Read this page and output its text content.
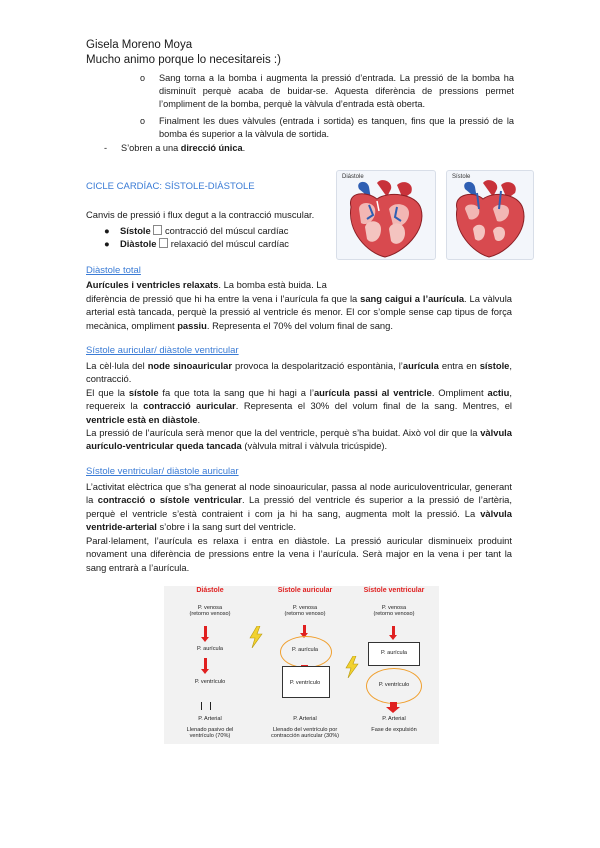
Gisela Moreno Moya
Mucho animo porque lo necesitareis :)
o Sang torna a la bomba i augmenta la pressió d’entrada. La pressió de la bomba ha disminuït perquè acaba de buidar-se. Aquesta diferència de pressions permet l’ompliment de la bomba, perquè la vàlvula d’entrada està oberta.
o Finalment les dues vàlvules (entrada i sortida) es tanquen, fins que la pressió de la bomba és superior a la vàlvula de sortida.
- S’obren a una direcció única.
CICLE CARDÍAC: SÍSTOLE-DIÀSTOLE
Canvis de pressió i flux degut a la contracció muscular.
● Sístole  contracció del múscul cardíac
● Diàstole  relaxació del múscul cardíac
Diástole	Sístole
Diàstole total
Aurícules i ventricles relaxats. La bomba està buida. La
diferència de pressió que hi ha entre la vena i l’aurícula fa que la sang caigui a l’aurícula. La vàlvula arterial està tancada, perquè la pressió al ventricle és menor. El cor s’omple sense cap tipus de força mecànica, ompliment passiu. Representa el 70% del volum final de sang.
Sístole auricular/ diàstole ventricular
La cèl·lula del node sinoauricular provoca la despolarització espontània, l’aurícula entra en sístole, contracció.
El que la sístole fa que tota la sang que hi hagi a l’aurícula passi al ventricle. Ompliment actiu, requereix la contracció auricular. Representa el 30% del volum final de la sang. Mentres, el ventricle està en diàstole.
La pressió de l’aurícula serà menor que la del ventricle, perquè s’ha buidat. Això vol dir que la vàlvula aurículo-ventricular queda tancada (vàlvula mitral i vàlvula tricúspide).
Sístole ventricular/ diàstole auricular
L’activitat elèctrica que s’ha generat al node sinoauricular, passa al node auriculoventricular, generant la contracció o sístole ventricular. La pressió del ventricle és superior a la pressió de l’artèria, perquè el ventricle s’està contraient i com ja hi ha sang, augmenta molt la pressió. La vàlvula ventride-arterial s’obre i la sang surt del ventricle.
Paral·lelament, l’aurícula es relaxa i entra en diàstole. La pressió auricular disminueix produint novament una diferència de pressions entre la vena i l’aurícula. Serà major en la vena i per tant la sang entrarà a l’aurícula.
Diástole
P. venosa
(retorno venoso)
P. aurícula
P. ventrículo
P. Arterial
Llenado pasivo del
ventrículo (70%)
Sístole auricular
P. venosa
(retorno venoso)
P. aurícula
P. ventrículo
P. Arterial
Llenado del ventrículo por
contracción auricular (30%)
Sístole ventricular
P. venosa
(retorno venoso)
P. aurícula
P. ventrículo
P. Arterial
Fase de expulsión
